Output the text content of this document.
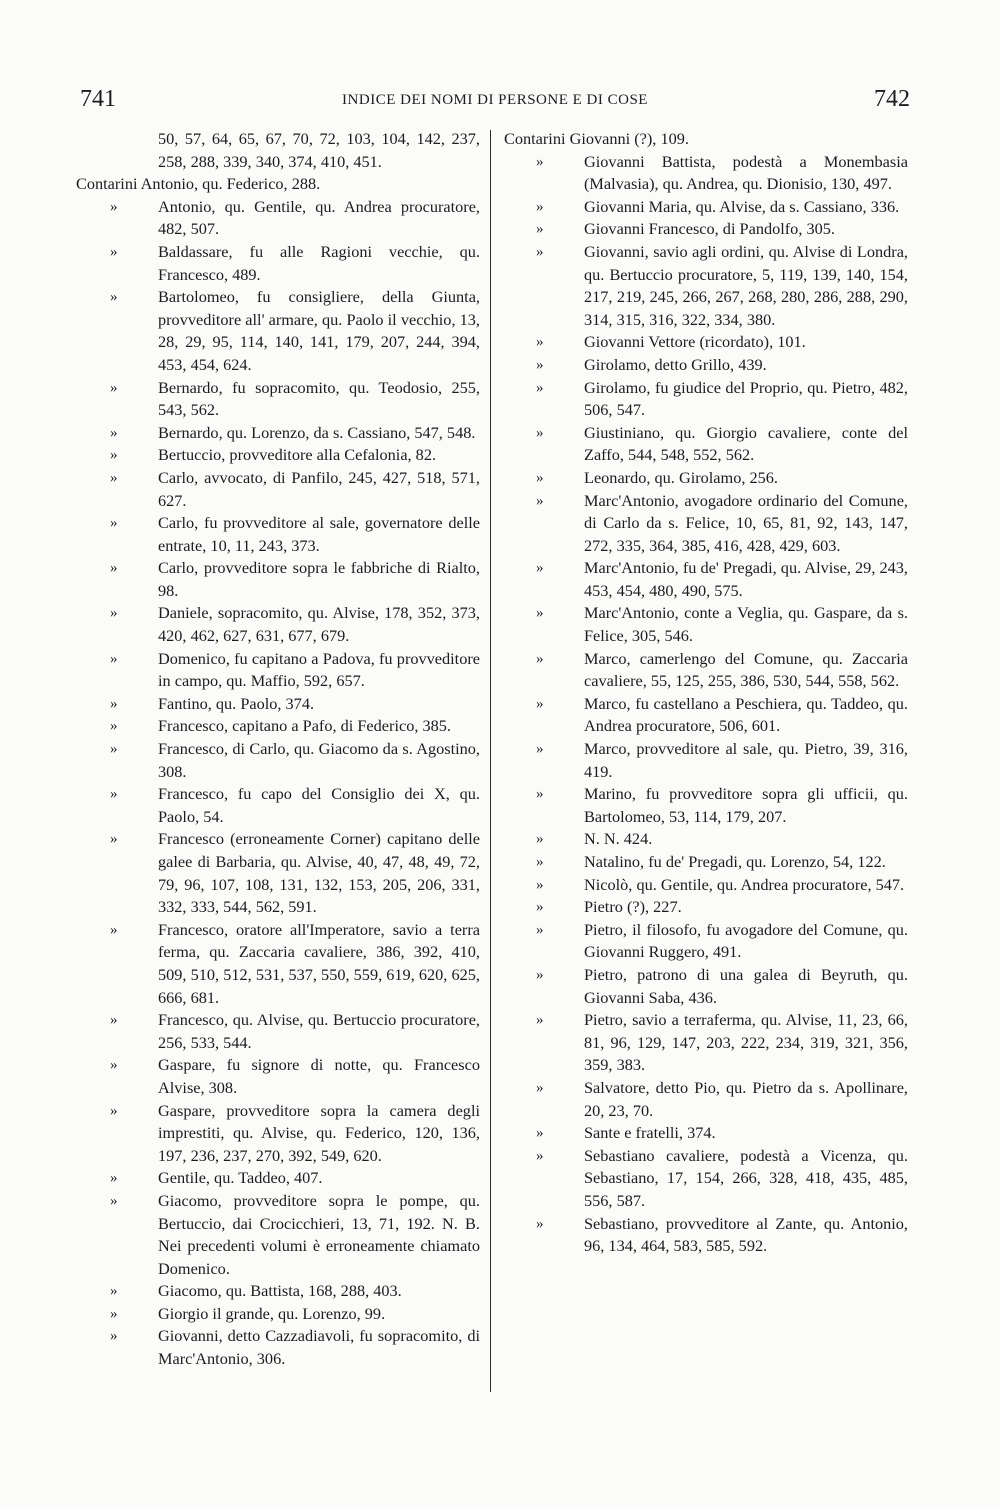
741	INDICE DEI NOMI DI PERSONE E DI COSE	742
50, 57, 64, 65, 67, 70, 72, 103, 104, 142, 237, 258, 288, 339, 340, 374, 410, 451.
Contarini Antonio, qu. Federico, 288.
» Antonio, qu. Gentile, qu. Andrea procuratore, 482, 507.
» Baldassare, fu alle Ragioni vecchie, qu. Francesco, 489.
» Bartolomeo, fu consigliere, della Giunta, provveditore all' armare, qu. Paolo il vecchio, 13, 28, 29, 95, 114, 140, 141, 179, 207, 244, 394, 453, 454, 624.
» Bernardo, fu sopracomito, qu. Teodosio, 255, 543, 562.
» Bernardo, qu. Lorenzo, da s. Cassiano, 547, 548.
» Bertuccio, provveditore alla Cefalonia, 82.
» Carlo, avvocato, di Panfilo, 245, 427, 518, 571, 627.
» Carlo, fu provveditore al sale, governatore delle entrate, 10, 11, 243, 373.
» Carlo, provveditore sopra le fabbriche di Rialto, 98.
» Daniele, sopracomito, qu. Alvise, 178, 352, 373, 420, 462, 627, 631, 677, 679.
» Domenico, fu capitano a Padova, fu provveditore in campo, qu. Maffio, 592, 657.
» Fantino, qu. Paolo, 374.
» Francesco, capitano a Pafo, di Federico, 385.
» Francesco, di Carlo, qu. Giacomo da s. Agostino, 308.
» Francesco, fu capo del Consiglio dei X, qu. Paolo, 54.
» Francesco (erroneamente Corner) capitano delle galee di Barbaria, qu. Alvise, 40, 47, 48, 49, 72, 79, 96, 107, 108, 131, 132, 153, 205, 206, 331, 332, 333, 544, 562, 591.
» Francesco, oratore all'Imperatore, savio a terra ferma, qu. Zaccaria cavaliere, 386, 392, 410, 509, 510, 512, 531, 537, 550, 559, 619, 620, 625, 666, 681.
» Francesco, qu. Alvise, qu. Bertuccio procuratore, 256, 533, 544.
» Gaspare, fu signore di notte, qu. Francesco Alvise, 308.
» Gaspare, provveditore sopra la camera degli imprestiti, qu. Alvise, qu. Federico, 120, 136, 197, 236, 237, 270, 392, 549, 620.
» Gentile, qu. Taddeo, 407.
» Giacomo, provveditore sopra le pompe, qu. Bertuccio, dai Crocicchieri, 13, 71, 192. N. B. Nei precedenti volumi è erroneamente chiamato Domenico.
» Giacomo, qu. Battista, 168, 288, 403.
» Giorgio il grande, qu. Lorenzo, 99.
» Giovanni, detto Cazzadiavoli, fu sopracomito, di Marc'Antonio, 306.
Contarini Giovanni (?), 109.
» Giovanni Battista, podestà a Monembasia (Malvasia), qu. Andrea, qu. Dionisio, 130, 497.
» Giovanni Maria, qu. Alvise, da s. Cassiano, 336.
» Giovanni Francesco, di Pandolfo, 305.
» Giovanni, savio agli ordini, qu. Alvise di Londra, qu. Bertuccio procuratore, 5, 119, 139, 140, 154, 217, 219, 245, 266, 267, 268, 280, 286, 288, 290, 314, 315, 316, 322, 334, 380.
» Giovanni Vettore (ricordato), 101.
» Girolamo, detto Grillo, 439.
» Girolamo, fu giudice del Proprio, qu. Pietro, 482, 506, 547.
» Giustiniano, qu. Giorgio cavaliere, conte del Zaffo, 544, 548, 552, 562.
» Leonardo, qu. Girolamo, 256.
» Marc'Antonio, avogadore ordinario del Comune, di Carlo da s. Felice, 10, 65, 81, 92, 143, 147, 272, 335, 364, 385, 416, 428, 429, 603.
» Marc'Antonio, fu de' Pregadi, qu. Alvise, 29, 243, 453, 454, 480, 490, 575.
» Marc'Antonio, conte a Veglia, qu. Gaspare, da s. Felice, 305, 546.
» Marco, camerlengo del Comune, qu. Zaccaria cavaliere, 55, 125, 255, 386, 530, 544, 558, 562.
» Marco, fu castellano a Peschiera, qu. Taddeo, qu. Andrea procuratore, 506, 601.
» Marco, provveditore al sale, qu. Pietro, 39, 316, 419.
» Marino, fu provveditore sopra gli ufficii, qu. Bartolomeo, 53, 114, 179, 207.
» N. N. 424.
» Natalino, fu de' Pregadi, qu. Lorenzo, 54, 122.
» Nicolò, qu. Gentile, qu. Andrea procuratore, 547.
» Pietro (?), 227.
» Pietro, il filosofo, fu avogadore del Comune, qu. Giovanni Ruggero, 491.
» Pietro, patrono di una galea di Beyruth, qu. Giovanni Saba, 436.
» Pietro, savio a terraferma, qu. Alvise, 11, 23, 66, 81, 96, 129, 147, 203, 222, 234, 319, 321, 356, 359, 383.
» Salvatore, detto Pio, qu. Pietro da s. Apollinare, 20, 23, 70.
» Sante e fratelli, 374.
» Sebastiano cavaliere, podestà a Vicenza, qu. Sebastiano, 17, 154, 266, 328, 418, 435, 485, 556, 587.
» Sebastiano, provveditore al Zante, qu. Antonio, 96, 134, 464, 583, 585, 592.
